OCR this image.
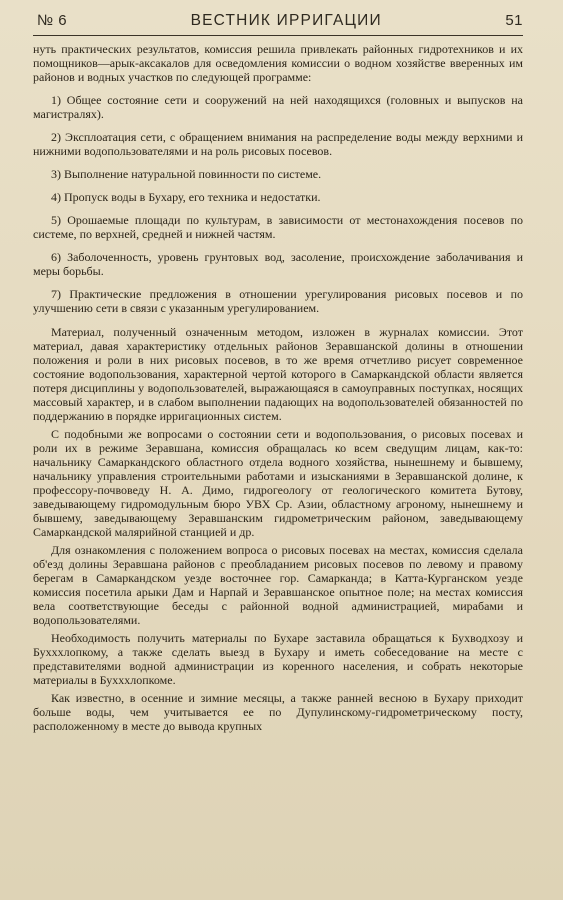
№ 6	ВЕСТНИК ИРРИГАЦИИ	51

нуть практических результатов, комиссия решила привлекать районных гидротехников и их помощников—арык-аксакалов для осведомления комиссии о водном хозяйстве вверенных им районов и водных участков по следующей программе:

1) Общее состояние сети и сооружений на ней находящихся (головных и выпусков на магистралях).

2) Эксплоатация сети, с обращением внимания на распределение воды между верхними и нижними водопользователями и на роль рисовых посевов.

3) Выполнение натуральной повинности по системе.

4) Пропуск воды в Бухару, его техника и недостатки.

5) Орошаемые площади по культурам, в зависимости от местонахождения посевов по системе, по верхней, средней и нижней частям.

6) Заболоченность, уровень грунтовых вод, засоление, происхождение заболачивания и меры борьбы.

7) Практические предложения в отношении урегулирования рисовых посевов и по улучшению сети в связи с указанным урегулированием.

Материал, полученный означенным методом, изложен в журналах комиссии. Этот материал, давая характеристику отдельных районов Зеравшанской долины в отношении положения и роли в них рисовых посевов, в то же время отчетливо рисует современное состояние водопользования, характерной чертой которого в Самаркандской области является потеря дисциплины у водопользователей, выражающаяся в самоуправных поступках, носящих массовый характер, и в слабом выполнении падающих на водопользователей обязанностей по поддержанию в порядке ирригационных систем.

С подобными же вопросами о состоянии сети и водопользования, о рисовых посевах и роли их в режиме Зеравшана, комиссия обращалась ко всем сведущим лицам, как-то: начальнику Самаркандского областного отдела водного хозяйства, нынешнему и бывшему, начальнику управления строительными работами и изысканиями в Зеравшанской долине, к профессору-почвоведу Н. А. Димо, гидрогеологу от геологического комитета Бутову, заведывающему гидромодульным бюро УВХ Ср. Азии, областному агроному, нынешнему и бывшему, заведывающему Зеравшанским гидрометрическим районом, заведывающему Самаркандской малярийной станцией и др.

Для ознакомления с положением вопроса о рисовых посевах на местах, комиссия сделала об'езд долины Зеравшана районов с преобладанием рисовых посевов по левому и правому берегам в Самаркандском уезде восточнее гор. Самарканда; в Катта-Курганском уезде комиссия посетила арыки Дам и Нарпай и Зеравшанское опытное поле; на местах комиссия вела соответствующие беседы с районной водной администрацией, мирабами и водопользователями.

Необходимость получить материалы по Бухаре заставила обращаться к Бухводхозу и Бухххлопкому, а также сделать выезд в Бухару и иметь собеседование на месте с представителями водной администрации из коренного населения, и собрать некоторые материалы в Бухххлопкоме.

Как известно, в осенние и зимние месяцы, а также ранней весною в Бухару приходит больше воды, чем учитывается ее по Дупулинскому-гидрометрическому посту, расположенному в месте до вывода крупных
